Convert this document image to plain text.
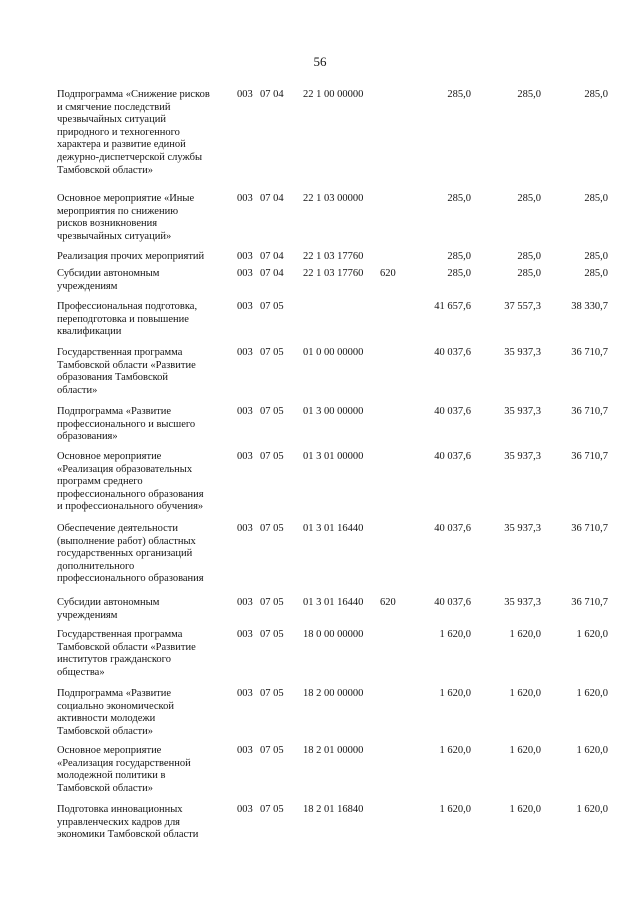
56
Подпрограмма «Снижение рисков
и смягчение последствий
чрезвычайных ситуаций
природного и техногенного
характера и развитие единой
дежурно-диспетчерской службы
Тамбовской области»
003 07 04 22 1 00 00000	285,0	285,0	285,0
Основное мероприятие «Иные
мероприятия по снижению
рисков возникновения
чрезвычайных ситуаций»
003 07 04 22 1 03 00000	285,0	285,0	285,0
Реализация прочих мероприятий	003 07 04 22 1 03 17760	285,0	285,0	285,0
Субсидии автономным
учреждениям
003 07 04 22 1 03 17760 620	285,0	285,0	285,0
Профессиональная подготовка,
переподготовка и повышение
квалификации
003 07 05	41 657,6	37 557,3	38 330,7
Государственная программа
Тамбовской области «Развитие
образования Тамбовской
области»
003 07 05 01 0 00 00000	40 037,6	35 937,3	36 710,7
Подпрограмма «Развитие
профессионального и высшего
образования»
003 07 05 01 3 00 00000	40 037,6	35 937,3	36 710,7
Основное мероприятие
«Реализация образовательных
программ среднего
профессионального образования
и профессионального обучения»
003 07 05 01 3 01 00000	40 037,6	35 937,3	36 710,7
Обеспечение деятельности
(выполнение работ) областных
государственных организаций
дополнительного
профессионального образования
003 07 05 01 3 01 16440	40 037,6	35 937,3	36 710,7
Субсидии автономным
учреждениям
003 07 05 01 3 01 16440 620	40 037,6	35 937,3	36 710,7
Государственная программа
Тамбовской области «Развитие
институтов гражданского
общества»
003 07 05 18 0 00 00000	1 620,0	1 620,0	1 620,0
Подпрограмма «Развитие
социально экономической
активности молодежи
Тамбовской области»
003 07 05 18 2 00 00000	1 620,0	1 620,0	1 620,0
Основное мероприятие
«Реализация государственной
молодежной политики в
Тамбовской области»
003 07 05 18 2 01 00000	1 620,0	1 620,0	1 620,0
Подготовка инновационных
управленческих кадров для
экономики Тамбовской области
003 07 05 18 2 01 16840	1 620,0	1 620,0	1 620,0
